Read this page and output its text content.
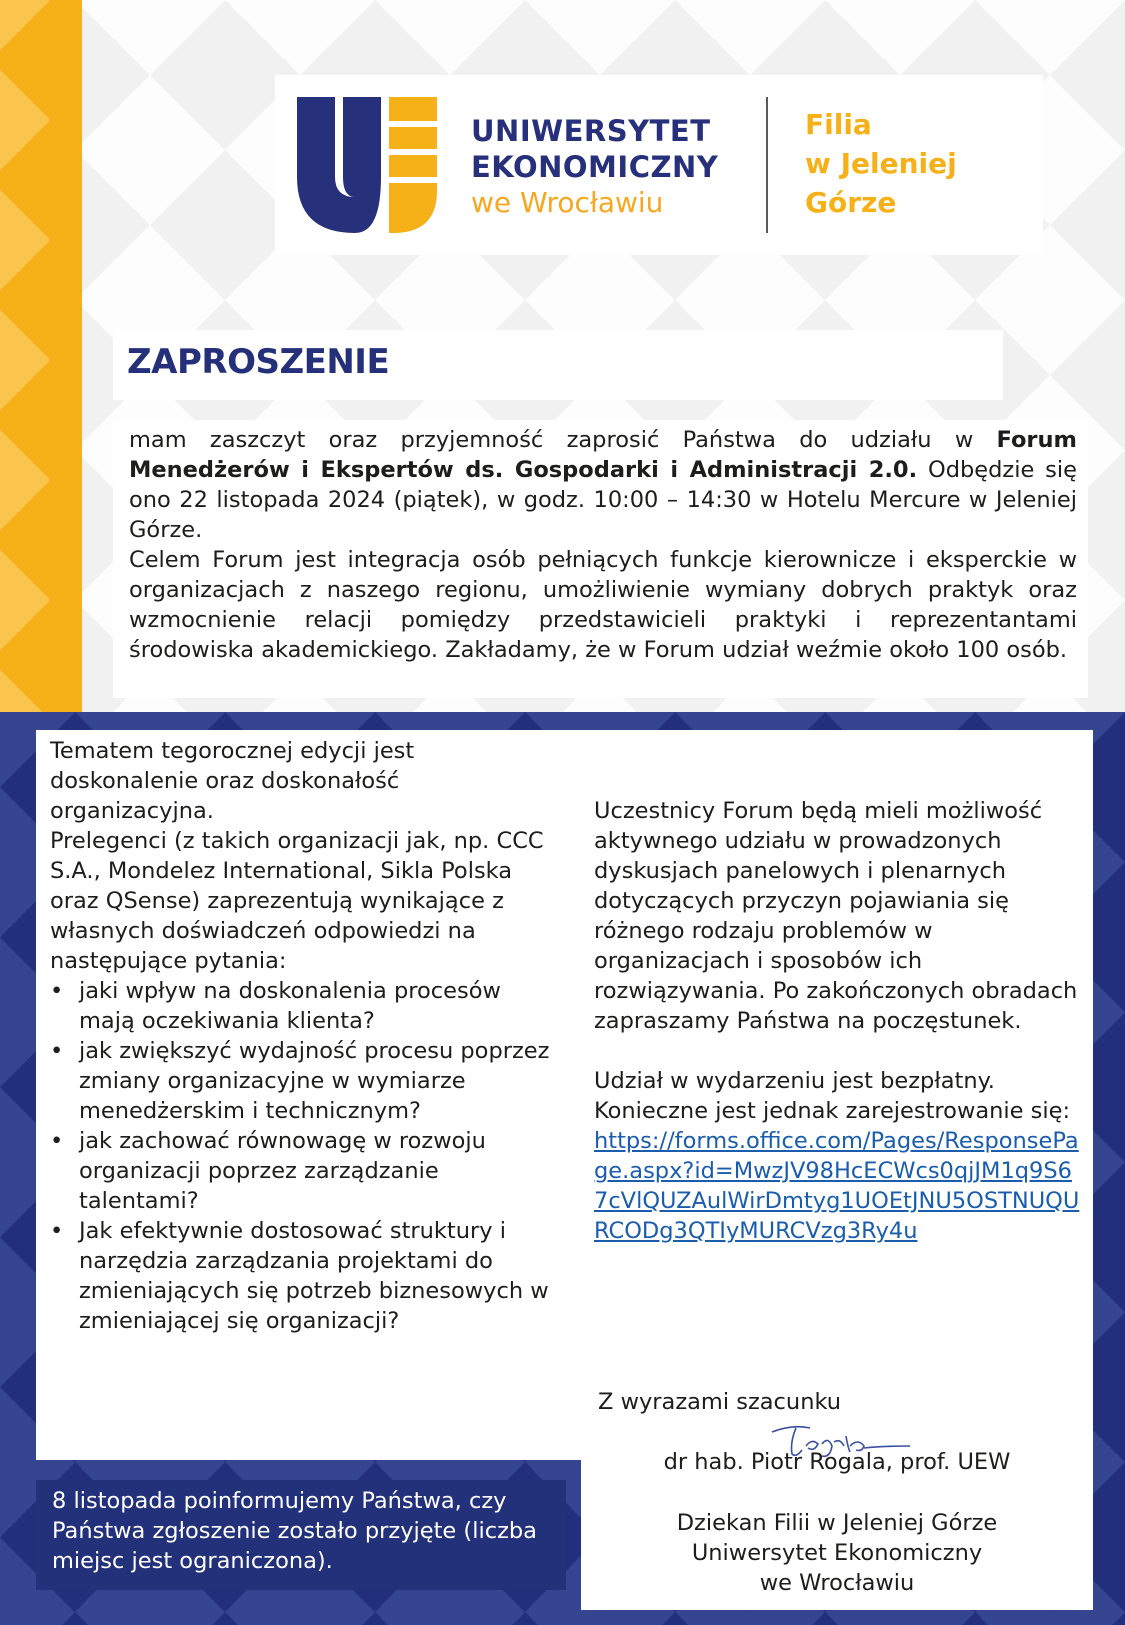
UNIWERSYTET
EKONOMICZNY
we Wrocławiu
Filia
w Jeleniej
Górze
ZAPROSZENIE

mam zaszczyt oraz przyjemność zaprosić Państwa do udziału w Forum Menedżerów i Ekspertów ds. Gospodarki i Administracji 2.0. Odbędzie się ono 22 listopada 2024 (piątek), w godz. 10:00 – 14:30 w Hotelu Mercure w Jeleniej Górze.

Celem Forum jest integracja osób pełniących funkcje kierownicze i eksperckie w organizacjach z naszego regionu, umożliwienie wymiany dobrych praktyk oraz wzmocnienie relacji pomiędzy przedstawicieli praktyki i reprezentantami środowiska akademickiego. Zakładamy, że w Forum udział weźmie około 100 osób.

Tematem tegorocznej edycji jest doskonalenie oraz doskonałość organizacyjna.

Prelegenci (z takich organizacji jak, np. CCC S.A., Mondelez International, Sikla Polska oraz QSense) zaprezentują wynikające z własnych doświadczeń odpowiedzi na następujące pytania:

• jaki wpływ na doskonalenia procesów mają oczekiwania klienta?
• jak zwiększyć wydajność procesu poprzez zmiany organizacyjne w wymiarze menedżerskim i technicznym?
• jak zachować równowagę w rozwoju organizacji poprzez zarządzanie talentami?
• Jak efektywnie dostosować struktury i narzędzia zarządzania projektami do zmieniających się potrzeb biznesowych w zmieniającej się organizacji?

Uczestnicy Forum będą mieli możliwość aktywnego udziału w prowadzonych dyskusjach panelowych i plenarnych dotyczących przyczyn pojawiania się różnego rodzaju problemów w organizacjach i sposobów ich rozwiązywania. Po zakończonych obradach zapraszamy Państwa na poczęstunek.

Udział w wydarzeniu jest bezpłatny. Konieczne jest jednak zarejestrowanie się:

https://forms.office.com/Pages/ResponsePage.aspx?id=MwzJV98HcECWcs0qjJM1q9S67cVlQUZAulWirDmtyg1UOEtJNU5OSTNUQURCODg3QTIyMURCVzg3Ry4u
Z wyrazami szacunku
dr hab. Piotr Rogala, prof. UEW
Dziekan Filii w Jeleniej Górze
Uniwersytet Ekonomiczny
we Wrocławiu
8 listopada poinformujemy Państwa, czy Państwa zgłoszenie zostało przyjęte (liczba miejsc jest ograniczona).
